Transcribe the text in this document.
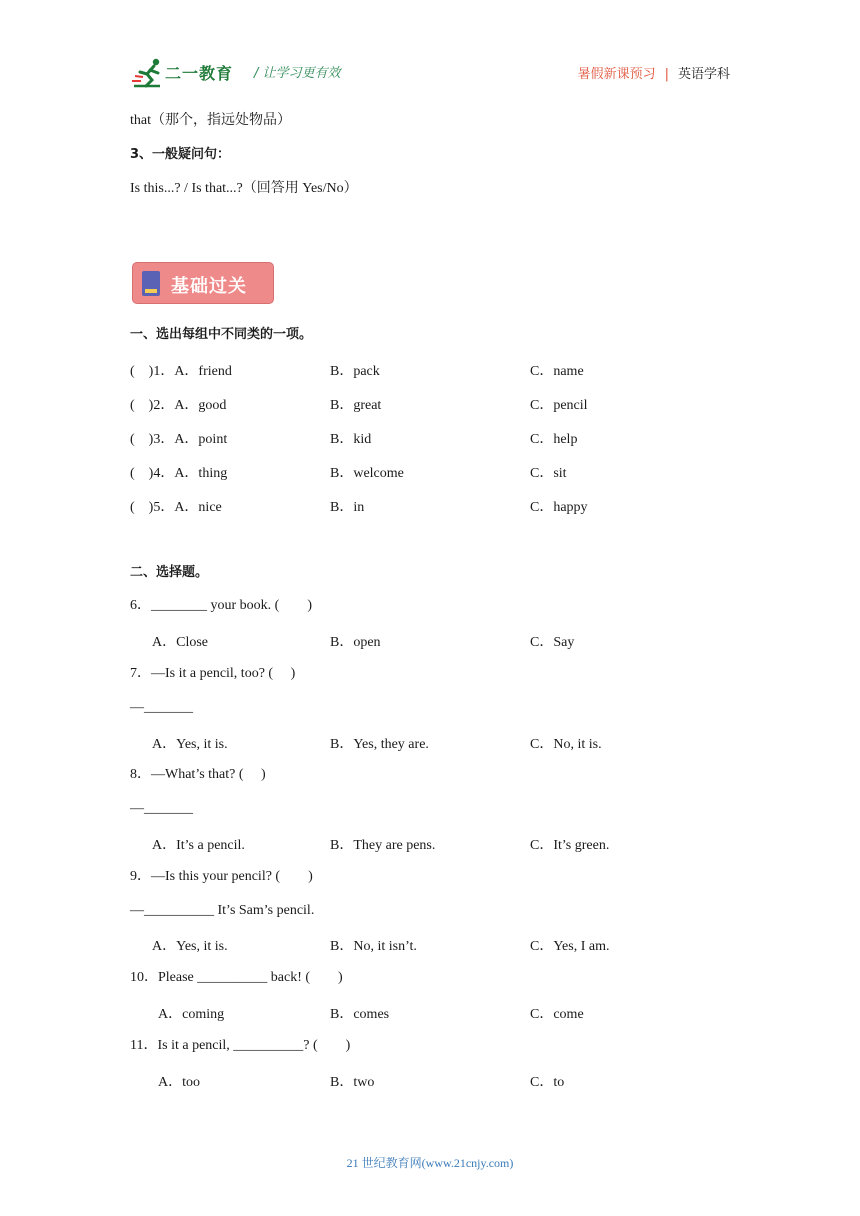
二一教育 / 让学习更有效	暑假新课预习 | 英语学科
that（那个，指远处物品）
3、一般疑问句：
Is this...? / Is that...?（回答用 Yes/No）
基础过关
一、选出每组中不同类的一项。
(　)1．A．friend	B．pack	C．name
(　)2．A．good	B．great	C．pencil
(　)3．A．point	B．kid	C．help
(　)4．A．thing	B．welcome	C．sit
(　)5．A．nice	B．in	C．happy
二、选择题。
6．________ your book. (　　)
A．Close	B．open	C．Say
7．—Is it a pencil, too? (　 )
—_______
A．Yes, it is.	B．Yes, they are.	C．No, it is.
8．—What’s that? (　 )
—_______
A．It’s a pencil.	B．They are pens.	C．It’s green.
9．—Is this your pencil? (　　)
—__________ It’s Sam’s pencil.
A．Yes, it is.	B．No, it isn’t.	C．Yes, I am.
10．Please __________ back! (　　)
A．coming	B．comes	C．come
11．Is it a pencil, __________? (　　)
A．too	B．two	C．to
21 世纪教育网(www.21cnjy.com)
